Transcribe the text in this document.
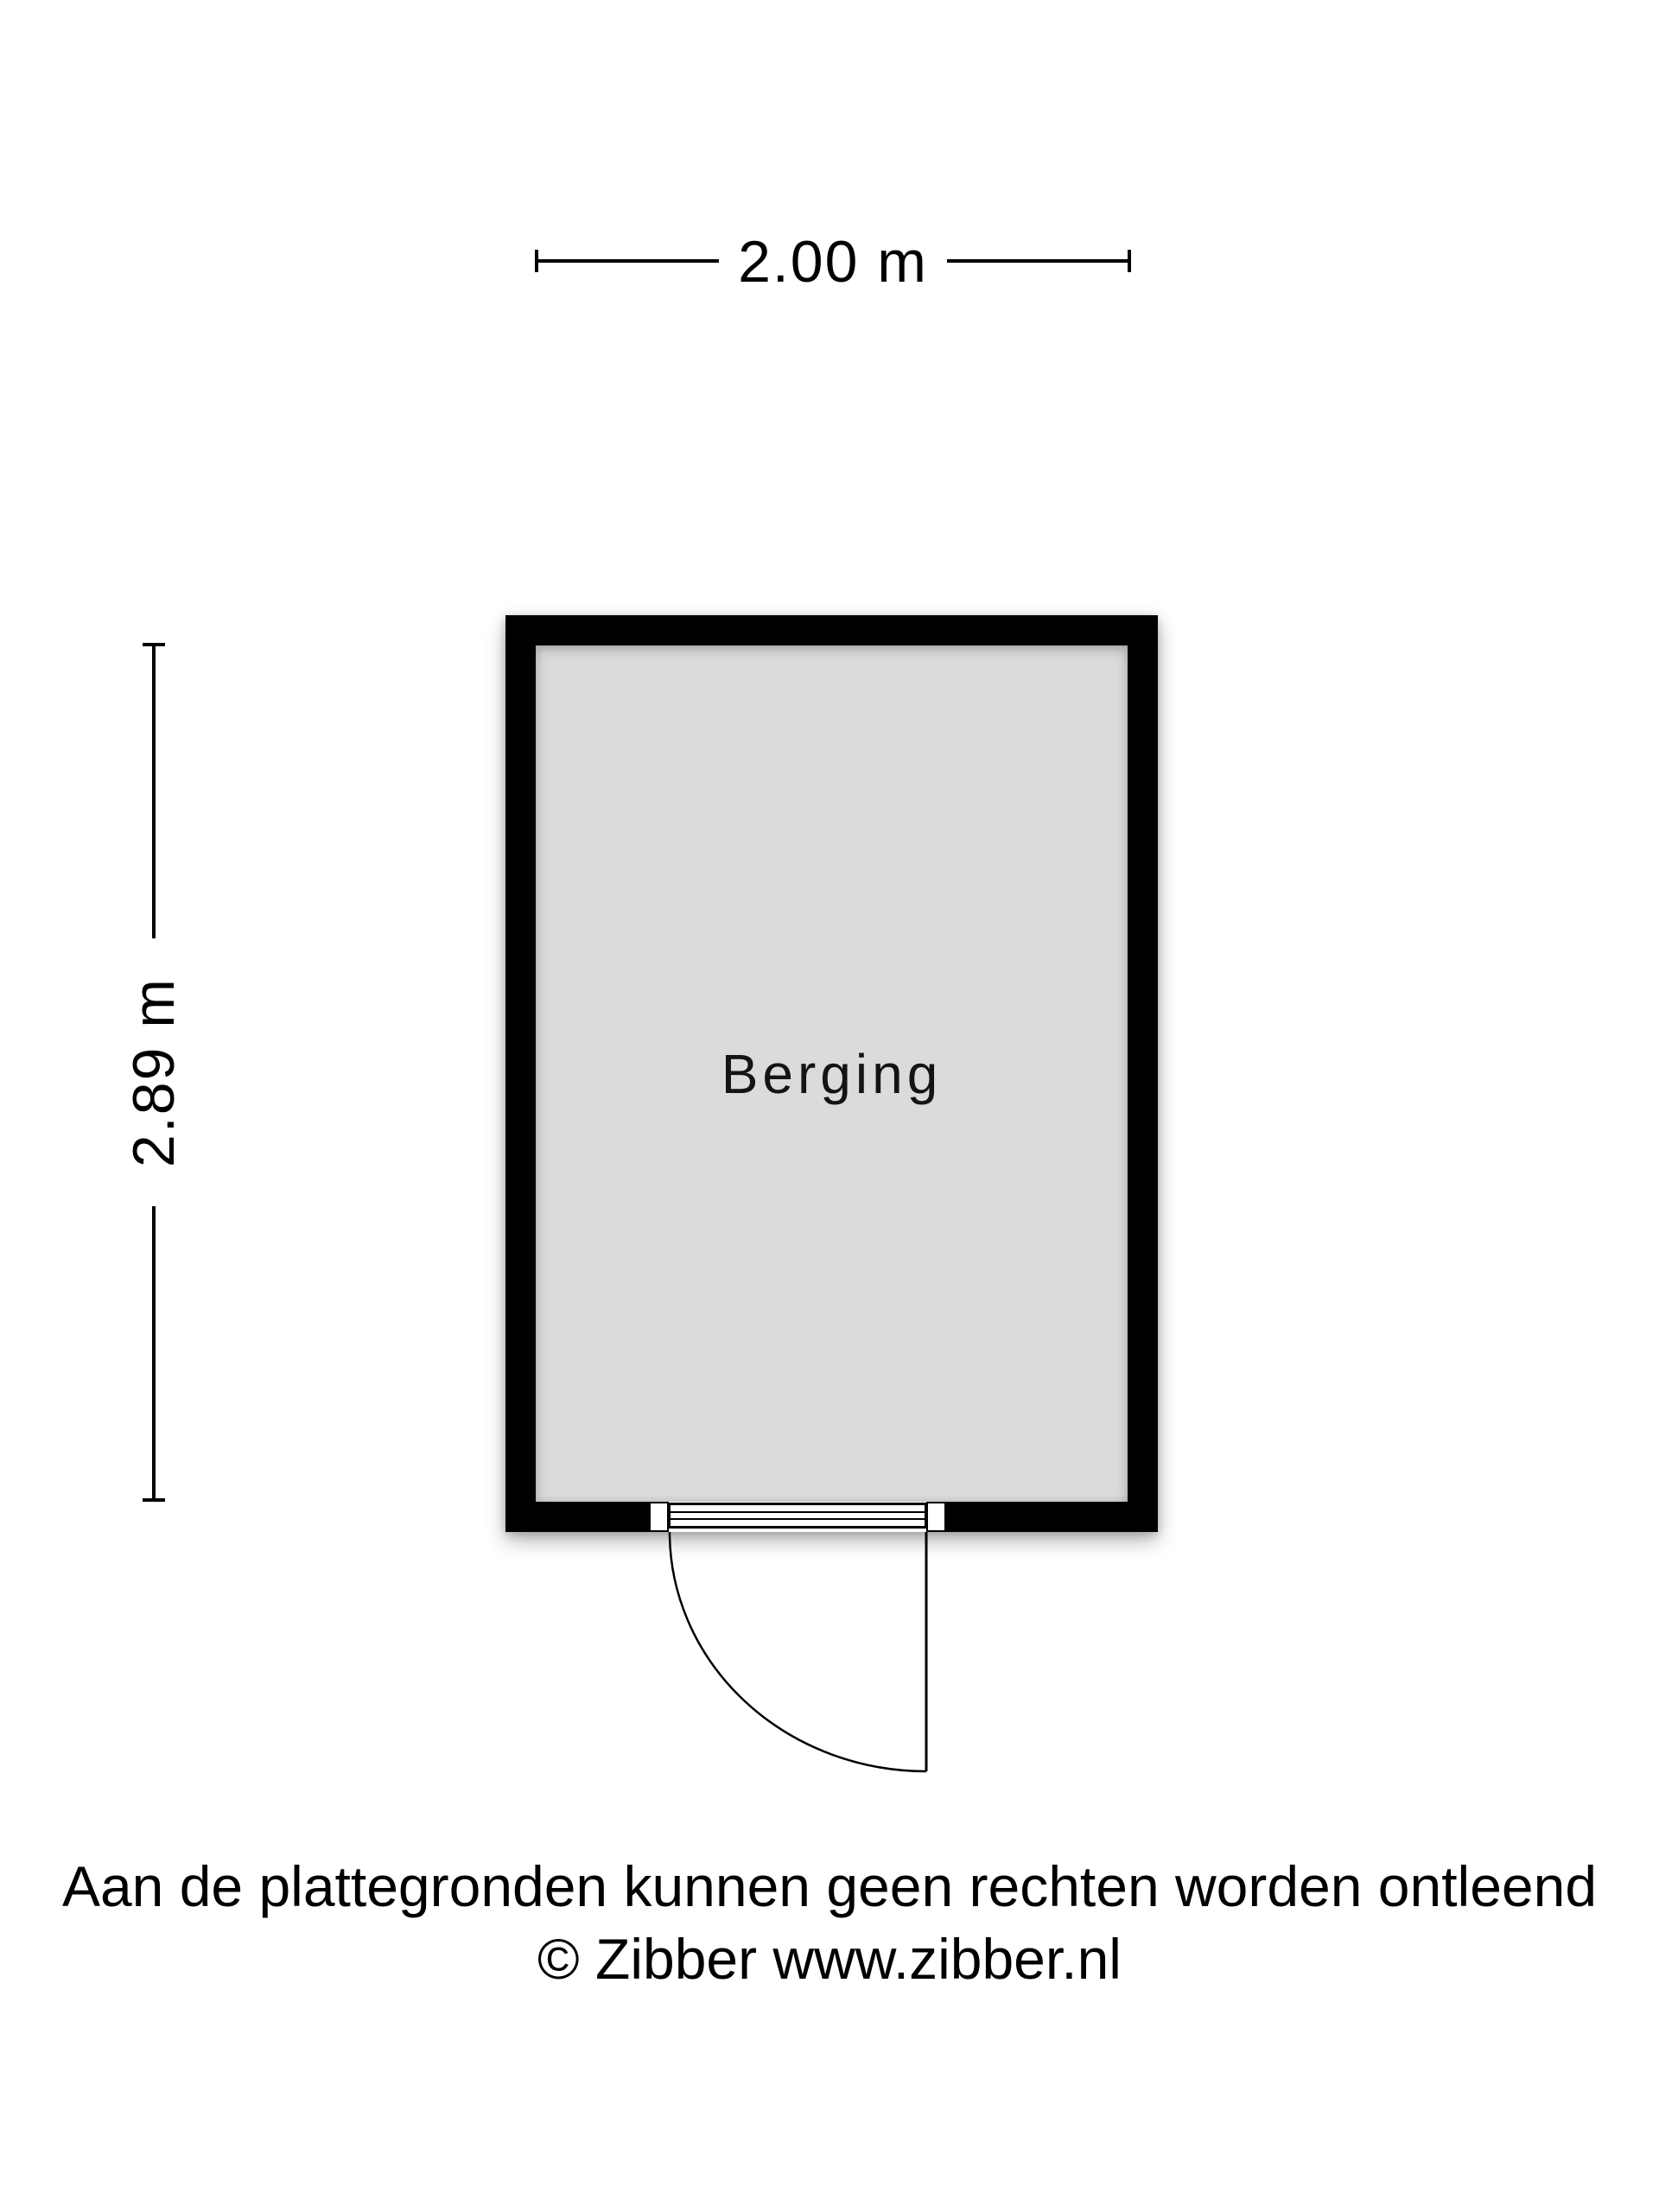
2.00 m
2.89 m	Berging

Aan de plattegronden kunnen geen rechten worden ontleend

© Zibber www.zibber.nl
